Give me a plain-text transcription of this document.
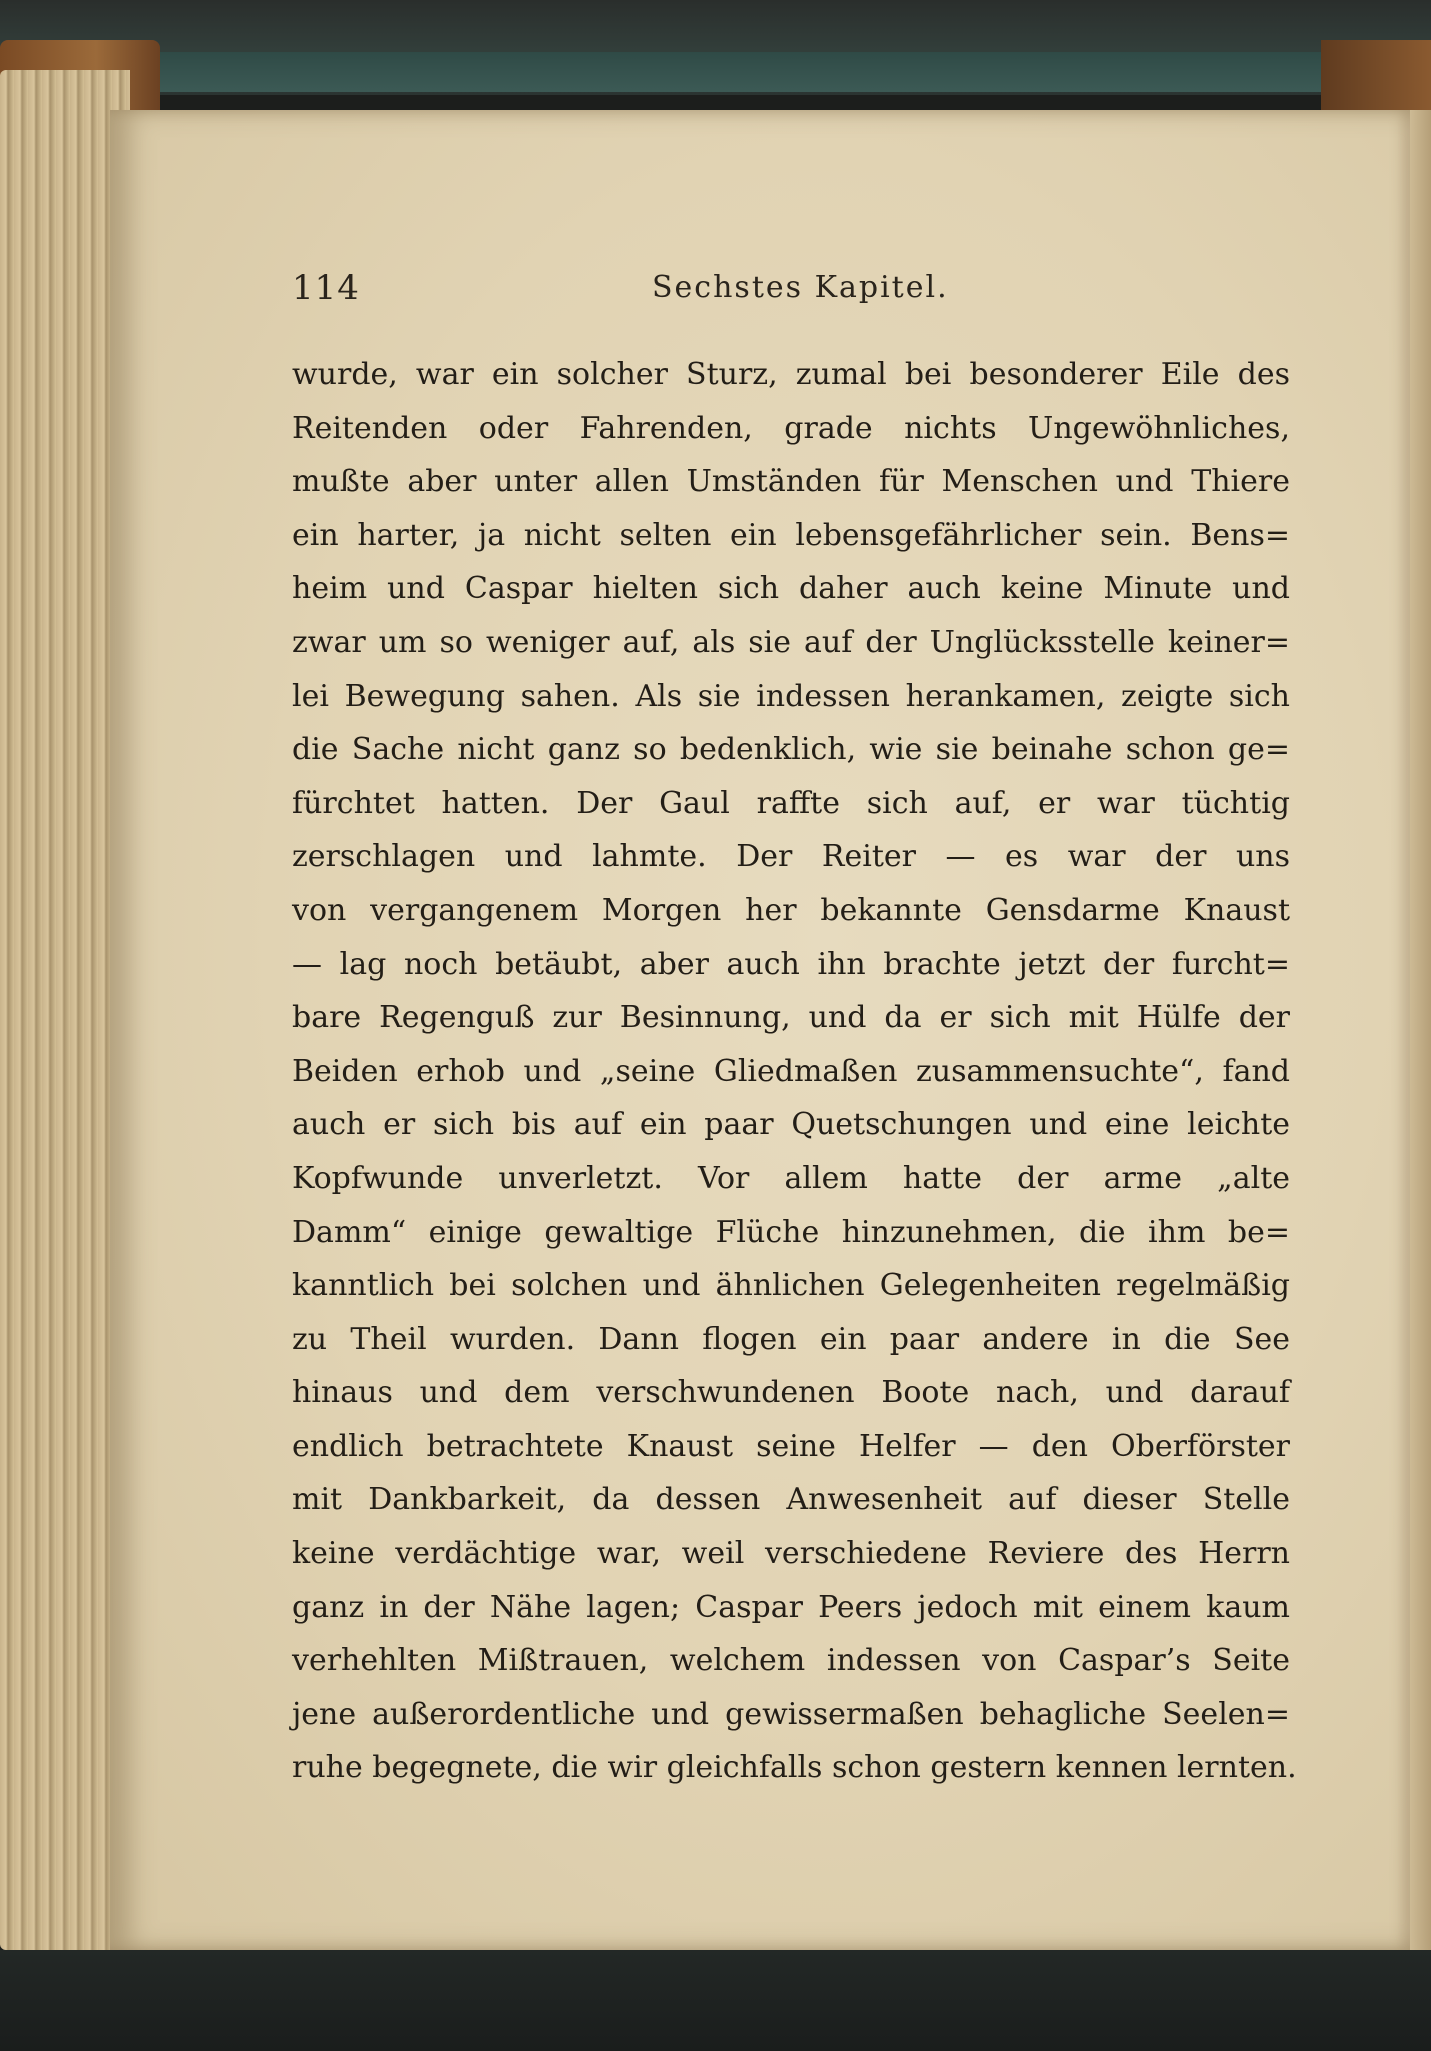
114	Sechstes Kapitel.
wurde, war ein solcher Sturz, zumal bei besonderer Eile des
Reitenden oder Fahrenden, grade nichts Ungewöhnliches,
mußte aber unter allen Umständen für Menschen und Thiere
ein harter, ja nicht selten ein lebensgefährlicher sein. Bens=
heim und Caspar hielten sich daher auch keine Minute und
zwar um so weniger auf, als sie auf der Unglücksstelle keiner=
lei Bewegung sahen. Als sie indessen herankamen, zeigte sich
die Sache nicht ganz so bedenklich, wie sie beinahe schon ge=
fürchtet hatten. Der Gaul raffte sich auf, er war tüchtig
zerschlagen und lahmte. Der Reiter — es war der uns
von vergangenem Morgen her bekannte Gensdarme Knaust
— lag noch betäubt, aber auch ihn brachte jetzt der furcht=
bare Regenguß zur Besinnung, und da er sich mit Hülfe der
Beiden erhob und „seine Gliedmaßen zusammensuchte“, fand
auch er sich bis auf ein paar Quetschungen und eine leichte
Kopfwunde unverletzt. Vor allem hatte der arme „alte
Damm“ einige gewaltige Flüche hinzunehmen, die ihm be=
kanntlich bei solchen und ähnlichen Gelegenheiten regelmäßig
zu Theil wurden. Dann flogen ein paar andere in die See
hinaus und dem verschwundenen Boote nach, und darauf
endlich betrachtete Knaust seine Helfer — den Oberförster
mit Dankbarkeit, da dessen Anwesenheit auf dieser Stelle
keine verdächtige war, weil verschiedene Reviere des Herrn
ganz in der Nähe lagen; Caspar Peers jedoch mit einem kaum
verhehlten Mißtrauen, welchem indessen von Caspar’s Seite
jene außerordentliche und gewissermaßen behagliche Seelen=
ruhe begegnete, die wir gleichfalls schon gestern kennen lernten.
